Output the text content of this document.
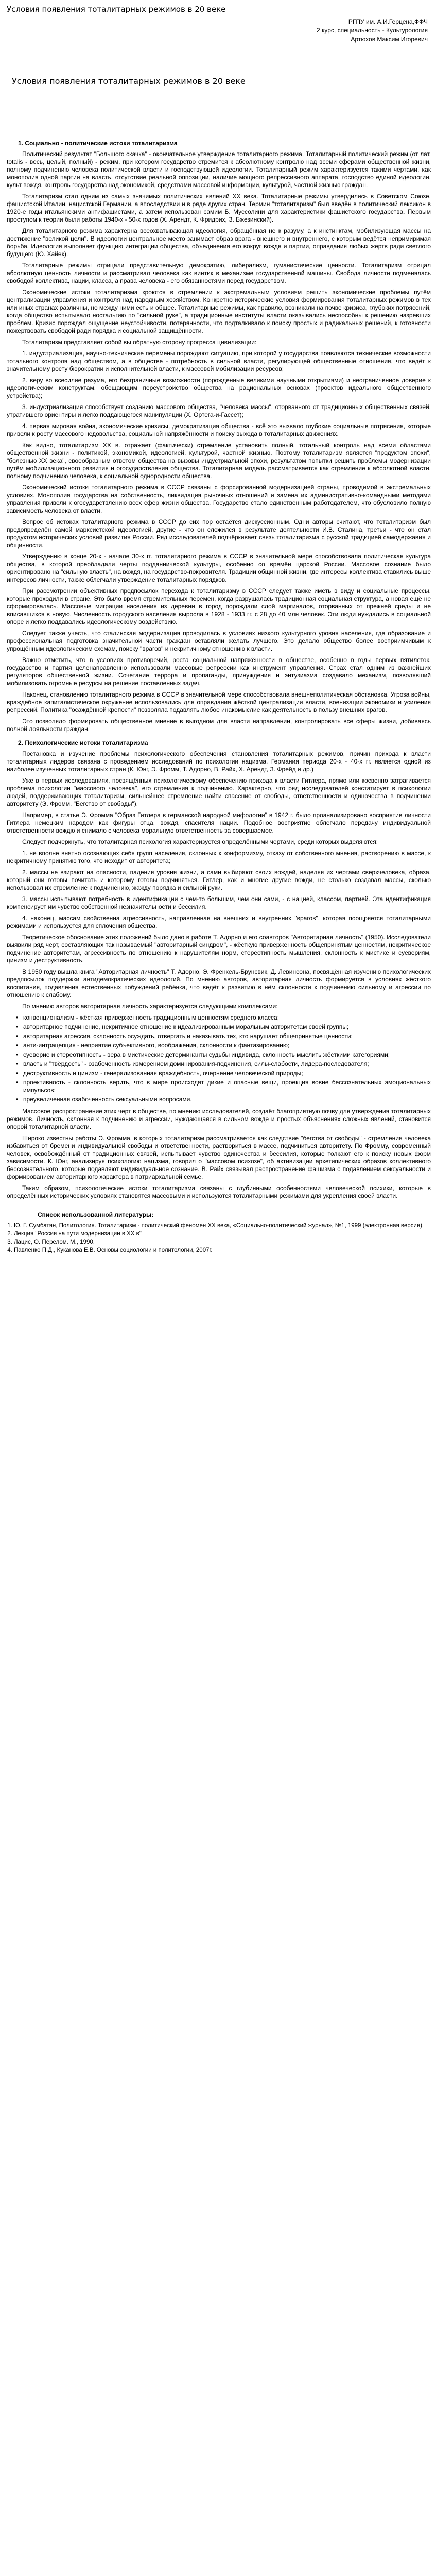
Условия появления тоталитарных режимов в 20 веке
РГПУ им. А.И.Герцена,ФФЧ
2 курс, специальность - Культурология
Артюхов Максим Игоревич
Условия появления тоталитарных режимов в 20 веке
1. Социально - политические истоки тоталитаризма

Политический результат "Большого скачка" - окончательное утверждение тоталитарного режима. Тоталитарный политический режим (от лат. totalis - весь, целый, полный) - режим, при котором государство стремится к абсолютному контролю над всеми сферами общественной жизни, полному подчинению человека политической власти и господствующей идеологии. Тоталитарный режим характеризуется такими чертами, как монополия одной партии на власть, отсутствие реальной оппозиции, наличие мощного репрессивного аппарата, господство единой идеологии, культ вождя, контроль государства над экономикой, средствами массовой информации, культурой, частной жизнью граждан.

Тоталитаризм стал одним из самых значимых политических явлений XX века. Тоталитарные режимы утвердились в Советском Союзе, фашистской Италии, нацистской Германии, а впоследствии и в ряде других стран. Термин "тоталитаризм" был введён в политический лексикон в 1920-е годы итальянскими антифашистами, а затем использован самим Б. Муссолини для характеристики фашистского государства. Первым проступом к теории были работы 1940-х - 50-х годов (Х. Арендт, К. Фридрих, З. Бжезинский).

Для тоталитарного режима характерна всеохватывающая идеология, обращённая не к разуму, а к инстинктам, мобилизующая массы на достижение "великой цели". В идеологии центральное место занимает образ врага - внешнего и внутреннего, с которым ведётся непримиримая борьба. Идеология выполняет функцию интеграции общества, объединения его вокруг вождя и партии, оправдания любых жертв ради светлого будущего (Ю. Хайек).

Тоталитарные режимы отрицали представительную демократию, либерализм, гуманистические ценности. Тоталитаризм отрицал абсолютную ценность личности и рассматривал человека как винтик в механизме государственной машины. Свобода личности подменялась свободой коллектива, нации, класса, а права человека - его обязанностями перед государством.

Экономические истоки тоталитаризма кроются в стремлении к экстремальным условиям решить экономические проблемы путём централизации управления и контроля над народным хозяйством. Конкретно исторические условия формирования тоталитарных режимов в тех или иных странах различны, но между ними есть и общее. Тоталитарные режимы, как правило, возникали на почве кризиса, глубоких потрясений, когда общество испытывало ностальгию по "сильной руке", а традиционные институты власти оказывались неспособны к решению назревших проблем. Кризис порождал ощущение неустойчивости, потерянности, что подталкивало к поиску простых и радикальных решений, к готовности пожертвовать свободой ради порядка и социальной защищённости.

Тоталитаризм представляет собой вы обратную сторону прогресса цивилизации:

1. индустриализация, научно-технические перемены порождают ситуацию, при которой у государства появляются технические возможности тотального контроля над обществом, а в обществе - потребность в сильной власти, регулирующей общественные отношения, что ведёт к значительному росту бюрократии и исполнительной власти, к массовой мобилизации ресурсов;

2. веру во всесилие разума, его безграничные возможности (порожденные великими научными открытиями) и неограниченное доверие к идеологическим конструктам, обещающим переустройство общества на рациональных основах (проектов идеального общественного устройства);

3. индустриализация способствует созданию массового общества, "человека массы", оторванного от традиционных общественных связей, утратившего ориентиры и легко поддающегося манипуляции (Х. Ортега-и-Гассет);

4. первая мировая война, экономические кризисы, демократизация общества - всё это вызвало глубокие социальные потрясения, которые привели к росту массового недовольства, социальной напряжённости и поиску выхода в тоталитарных движениях.

Как видно, тоталитаризм XX в. отражает (фактически) стремление установить полный, тотальный контроль над всеми областями общественной жизни - политикой, экономикой, идеологией, культурой, частной жизнью. Поэтому тоталитаризм является "продуктом эпохи", "болезнью XX века", своеобразным ответом общества на вызовы индустриальной эпохи, результатом попытки решить проблемы модернизации путём мобилизационного развития и огосударствления общества. Тоталитарная модель рассматривается как стремление к абсолютной власти, полному подчинению человека, к социальной однородности общества.

Экономический истоки тоталитарного режима в СССР связаны с форсированной модернизацией страны, проводимой в экстремальных условиях. Монополия государства на собственность, ликвидация рыночных отношений и замена их административно-командными методами управления привели к огосударствлению всех сфер жизни общества. Государство стало единственным работодателем, что обусловило полную зависимость человека от власти.

Вопрос об истоках тоталитарного режима в СССР до сих пор остаётся дискуссионным. Одни авторы считают, что тоталитаризм был предопределён самой марксистской идеологией, другие - что он сложился в результате деятельности И.В. Сталина, третьи - что он стал продуктом исторических условий развития России. Ряд исследователей подчёркивает связь тоталитаризма с русской традицией самодержавия и общинности.

Утверждению в конце 20-х - начале 30-х гг. тоталитарного режима в СССР в значительной мере способствовала политическая культура общества, в которой преобладали черты подданнической культуры, особенно со времён царской России. Массовое сознание было ориентировано на "сильную власть", на вождя, на государство-покровителя. Традиции общинной жизни, где интересы коллектива ставились выше интересов личности, также облегчали утверждение тоталитарных порядков.

При рассмотрении объективных предпосылок перехода к тоталитаризму в СССР следует также иметь в виду и социальные процессы, которые проходили в стране. Это было время стремительных перемен, когда разрушалась традиционная социальная структура, а новая ещё не сформировалась. Массовые миграции населения из деревни в город порождали слой маргиналов, оторванных от прежней среды и не вписавшихся в новую. Численность городского населения выросла в 1928 - 1933 гг. с 28 до 40 млн человек. Эти люди нуждались в социальной опоре и легко поддавались идеологическому воздействию.

Следует также учесть, что сталинская модернизация проводилась в условиях низкого культурного уровня населения, где образование и профессиональная подготовка значительной части граждан оставляли желать лучшего. Это делало общество более восприимчивым к упрощённым идеологическим схемам, поиску "врагов" и некритичному отношению к власти.

Важно отметить, что в условиях противоречий, роста социальной напряжённости в обществе, особенно в годы первых пятилеток, государство и партия целенаправленно использовали массовые репрессии как инструмент управления. Страх стал одним из важнейших регуляторов общественной жизни. Сочетание террора и пропаганды, принуждения и энтузиазма создавало механизм, позволявший мобилизовать огромные ресурсы на решение поставленных задач.

Наконец, становлению тоталитарного режима в СССР в значительной мере способствовала внешнеполитическая обстановка. Угроза войны, враждебное капиталистическое окружение использовались для оправдания жёсткой централизации власти, военизации экономики и усиления репрессий. Политика "осаждённой крепости" позволяла подавлять любое инакомыслие как деятельность в пользу внешних врагов.

Это позволяло формировать общественное мнение в выгодном для власти направлении, контролировать все сферы жизни, добиваясь полной лояльности граждан.

2. Психологические истоки тоталитаризма

Постановка и изучение проблемы психологического обеспечения становления тоталитарных режимов, причин прихода к власти тоталитарных лидеров связана с проведением исследований по психологии нацизма. Германия периода 20-х - 40-х гг. является одной из наиболее изученных тоталитарных стран (К. Юнг, Э. Фромм, Т. Адорно, В. Райх, Х. Арендт, З. Фрейд и др.)

Уже в первых исследованиях, посвящённых психологическому обеспечению прихода к власти Гитлера, прямо или косвенно затрагивается проблема психологии "массового человека", его стремления к подчинению. Характерно, что ряд исследователей констатирует в психологии людей, поддерживающих тоталитаризм, сильнейшее стремление найти спасение от свободы, ответственности и одиночества в подчинении авторитету (Э. Фромм, "Бегство от свободы").

Например, в статье Э. Фромма "Образ Гитлера в германской народной мифологии" в 1942 г. было проанализировано восприятие личности Гитлера немецким народом как фигуры отца, вождя, спасителя нации. Подобное восприятие облегчало передачу индивидуальной ответственности вождю и снимало с человека моральную ответственность за совершаемое.

Следует подчеркнуть, что тоталитарная психология характеризуется определёнными чертами, среди которых выделяются:

1. не вполне внятно осознающих себя групп населения, склонных к конформизму, отказу от собственного мнения, растворению в массе, к некритичному принятию того, что исходит от авторитета;

2. массы не взирают на опасности, падения уровня жизни, а сами выбирают своих вождей, наделяя их чертами сверхчеловека, образа, который они готовы почитать и которому готовы подчиняться. Гитлер, как и многие другие вожди, не столько создавал массы, сколько использовал их стремление к подчинению, жажду порядка и сильной руки.

3. массы испытывают потребность в идентификации с чем-то большим, чем они сами, - с нацией, классом, партией. Эта идентификация компенсирует им чувство собственной незначительности и бессилия.

4. наконец, массам свойственна агрессивность, направленная на внешних и внутренних "врагов", которая поощряется тоталитарными режимами и используется для сплочения общества.

Теоретическое обоснование этих положений было дано в работе Т. Адорно и его соавторов "Авторитарная личность" (1950). Исследователи выявили ряд черт, составляющих так называемый "авторитарный синдром", - жёсткую приверженность общепринятым ценностям, некритическое подчинение авторитетам, агрессивность по отношению к нарушителям норм, стереотипность мышления, склонность к мистике и суевериям, цинизм и деструктивность.

В 1950 году вышла книга "Авторитарная личность" Т. Адорно, Э. Френкель-Брунсвик, Д. Левинсона, посвящённая изучению психологических предпосылок поддержки антидемократических идеологий. По мнению авторов, авторитарная личность формируется в условиях жёсткого воспитания, подавления естественных побуждений ребёнка, что ведёт к развитию в нём склонности к подчинению сильному и агрессии по отношению к слабому.

По мнению авторов авторитарная личность характеризуется следующими комплексами:

• конвенционализм - жёсткая приверженность традиционным ценностям среднего класса;
• авторитарное подчинение, некритичное отношение к идеализированным моральным авторитетам своей группы;
• авторитарная агрессия, склонность осуждать, отвергать и наказывать тех, кто нарушает общепринятые ценности;
• анти-интрацепция - неприятие субъективного, воображения, склонности к фантазированию;
• суеверие и стереотипность - вера в мистические детерминанты судьбы индивида, склонность мыслить жёсткими категориями;
• власть и "твёрдость" - озабоченность измерением доминирования-подчинения, силы-слабости, лидера-последователя;
• деструктивность и цинизм - генерализованная враждебность, очернение человеческой природы;
• проективность - склонность верить, что в мире происходят дикие и опасные вещи, проекция вовне бессознательных эмоциональных импульсов;
• преувеличенная озабоченность сексуальными вопросами.

Массовое распространение этих черт в обществе, по мнению исследователей, создаёт благоприятную почву для утверждения тоталитарных режимов. Личность, склонная к подчинению и агрессии, нуждающаяся в сильном вожде и простых объяснениях сложных явлений, становится опорой тоталитарной власти.

Широко известны работы Э. Фромма, в которых тоталитаризм рассматривается как следствие "бегства от свободы" - стремления человека избавиться от бремени индивидуальной свободы и ответственности, раствориться в массе, подчиниться авторитету. По Фромму, современный человек, освобождённый от традиционных связей, испытывает чувство одиночества и бессилия, которые толкают его к поиску новых форм зависимости. К. Юнг, анализируя психологию нацизма, говорил о "массовом психозе", об активизации архетипических образов коллективного бессознательного, которые подавляют индивидуальное сознание. В. Райх связывал распространение фашизма с подавлением сексуальности и формированием авторитарного характера в патриархальной семье.

Таким образом, психологические истоки тоталитаризма связаны с глубинными особенностями человеческой психики, которые в определённых исторических условиях становятся массовыми и используются тоталитарными режимами для укрепления своей власти.

Список использованной литературы:
1. Ю. Г. Сумбатян, Политология. Тоталитаризм - политический феномен XX века, «Социально-политический журнал», №1, 1999 (электронная версия).
2. Лекция "Россия на пути модернизации в XX в"
3. Лацис, О. Перелом. М., 1990.
4. Павленко П.Д., Куканова Е.В. Основы социологии и политологии, 2007г.
